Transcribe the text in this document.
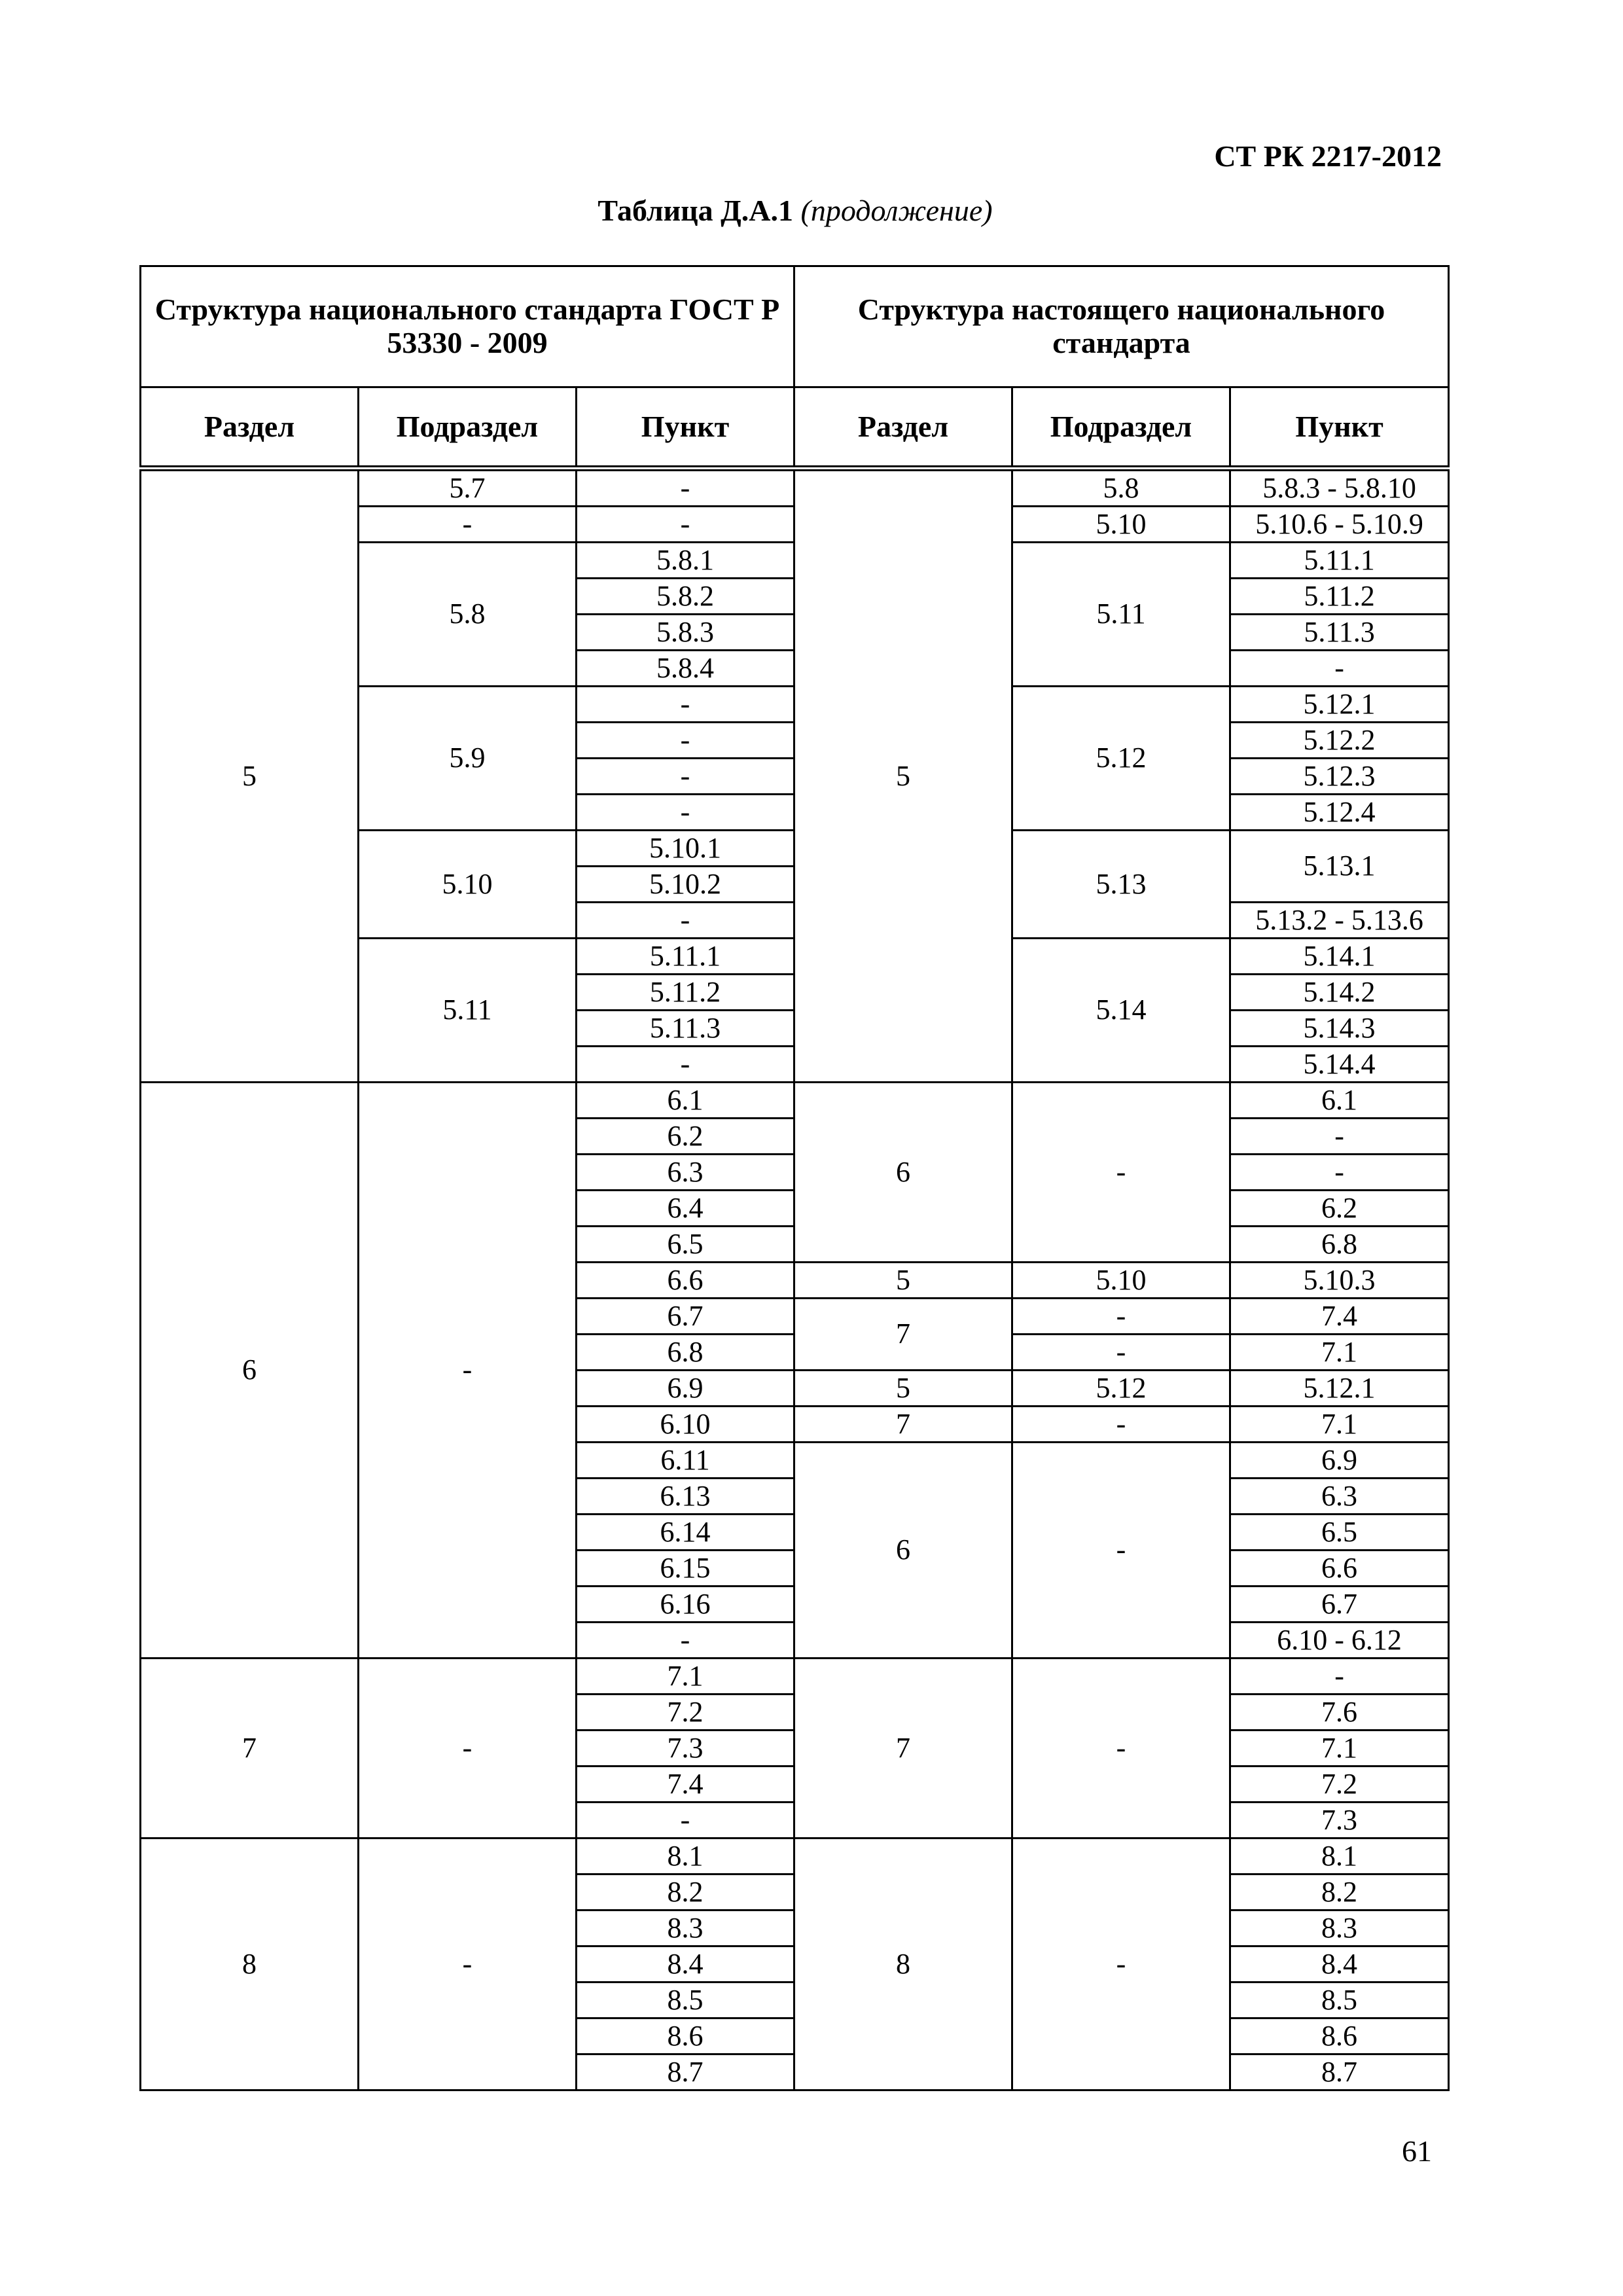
СТ РК 2217-2012
Таблица Д.А.1 (продолжение)
Структура национального стандарта ГОСТ Р 53330 - 2009			Структура настоящего национального стандарта		
Раздел	Подраздел	Пункт	Раздел	Подраздел	Пункт
5	5.7	-	5	5.8	5.8.3 - 5.8.10
	-	-		5.10	5.10.6 - 5.10.9
	5.8	5.8.1		5.11	5.11.1
		5.8.2			5.11.2
		5.8.3			5.11.3
		5.8.4			-
	5.9	-		5.12	5.12.1
		-			5.12.2
		-			5.12.3
		-			5.12.4
	5.10	5.10.1		5.13	5.13.1
		5.10.2			
		-			5.13.2 - 5.13.6
	5.11	5.11.1		5.14	5.14.1
		5.11.2			5.14.2
		5.11.3			5.14.3
		-			5.14.4
6	-	6.1	6	-	6.1
		6.2			-
		6.3			-
		6.4			6.2
		6.5			6.8
		6.6	5	5.10	5.10.3
		6.7	7	-	7.4
		6.8		-	7.1
		6.9	5	5.12	5.12.1
		6.10	7	-	7.1
		6.11	6	-	6.9
		6.13			6.3
		6.14			6.5
		6.15			6.6
		6.16			6.7
		-			6.10 - 6.12
7	-	7.1	7	-	-
		7.2			7.6
		7.3			7.1
		7.4			7.2
		-			7.3
8	-	8.1	8	-	8.1
		8.2			8.2
		8.3			8.3
		8.4			8.4
		8.5			8.5
		8.6			8.6
		8.7			8.7
61
